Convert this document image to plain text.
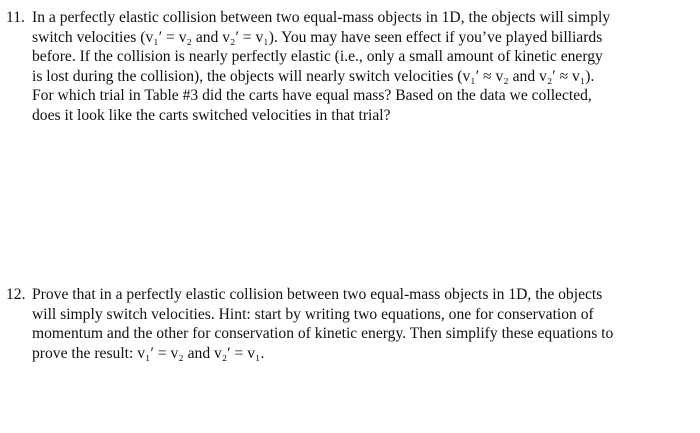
11. In a perfectly elastic collision between two equal-mass objects in 1D, the objects will simply
switch velocities (v₁′ = v₂ and v₂′ = v₁). You may have seen effect if you’ve played billiards
before. If the collision is nearly perfectly elastic (i.e., only a small amount of kinetic energy
is lost during the collision), the objects will nearly switch velocities (v₁′ ≈ v₂ and v₂′ ≈ v₁).
For which trial in Table #3 did the carts have equal mass? Based on the data we collected,
does it look like the carts switched velocities in that trial?
12. Prove that in a perfectly elastic collision between two equal-mass objects in 1D, the objects
will simply switch velocities. Hint: start by writing two equations, one for conservation of
momentum and the other for conservation of kinetic energy. Then simplify these equations to
prove the result: v₁′ = v₂ and v₂′ = v₁.
